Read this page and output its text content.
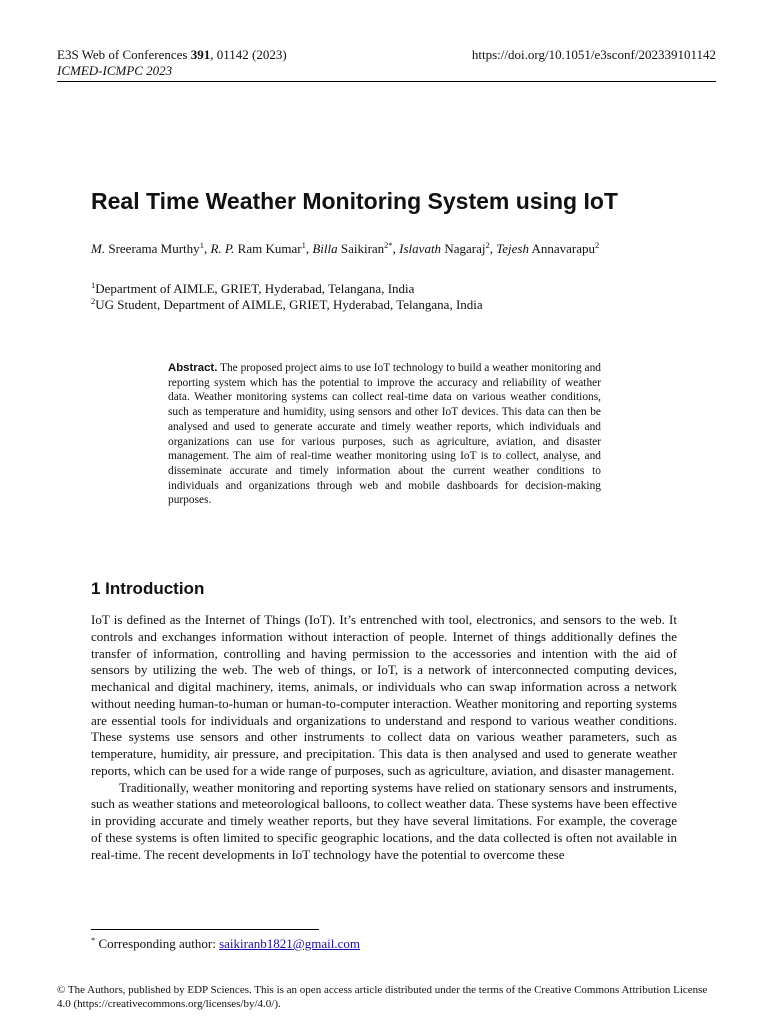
E3S Web of Conferences 391, 01142 (2023)
ICMED-ICMPC 2023
https://doi.org/10.1051/e3sconf/202339101142
Real Time Weather Monitoring System using IoT
M. Sreerama Murthy$^1$, R. P. Ram Kumar$^1$, Billa Saikiran$^{2*}$, Islavath Nagaraj$^2$, Tejesh Annavarapu$^2$
$^1$Department of AIMLE, GRIET, Hyderabad, Telangana, India
$^2$UG Student, Department of AIMLE, GRIET, Hyderabad, Telangana, India

Abstract. The proposed project aims to use IoT technology to build a weather monitoring and reporting system which has the potential to improve the accuracy and reliability of weather data. Weather monitoring systems can collect real-time data on various weather conditions, such as temperature and humidity, using sensors and other IoT devices. This data can then be analysed and used to generate accurate and timely weather reports, which individuals and organizations can use for various purposes, such as agriculture, aviation, and disaster management. The aim of real-time weather monitoring using IoT is to collect, analyse, and disseminate accurate and timely information about the current weather conditions to individuals and organizations through web and mobile dashboards for decision-making purposes.

1 Introduction

IoT is defined as the Internet of Things (IoT). It’s entrenched with tool, electronics, and sensors to the web. It controls and exchanges information without interaction of people. Internet of things additionally defines the transfer of information, controlling and having permission to the accessories and intention with the aid of sensors by utilizing the web. The web of things, or IoT, is a network of interconnected computing devices, mechanical and digital machinery, items, animals, or individuals who can swap information across a network without needing human-to-human or human-to-computer interaction. Weather monitoring and reporting systems are essential tools for individuals and organizations to understand and respond to various weather conditions. These systems use sensors and other instruments to collect data on various weather parameters, such as temperature, humidity, air pressure, and precipitation. This data is then analysed and used to generate weather reports, which can be used for a wide range of purposes, such as agriculture, aviation, and disaster management.

Traditionally, weather monitoring and reporting systems have relied on stationary sensors and instruments, such as weather stations and meteorological balloons, to collect weather data. These systems have been effective in providing accurate and timely weather reports, but they have several limitations. For example, the coverage of these systems is often limited to specific geographic locations, and the data collected is often not available in real-time. The recent developments in IoT technology have the potential to overcome these

* Corresponding author: saikiranb1821@gmail.com
© The Authors, published by EDP Sciences. This is an open access article distributed under the terms of the Creative Commons Attribution License 4.0 (https://creativecommons.org/licenses/by/4.0/).
